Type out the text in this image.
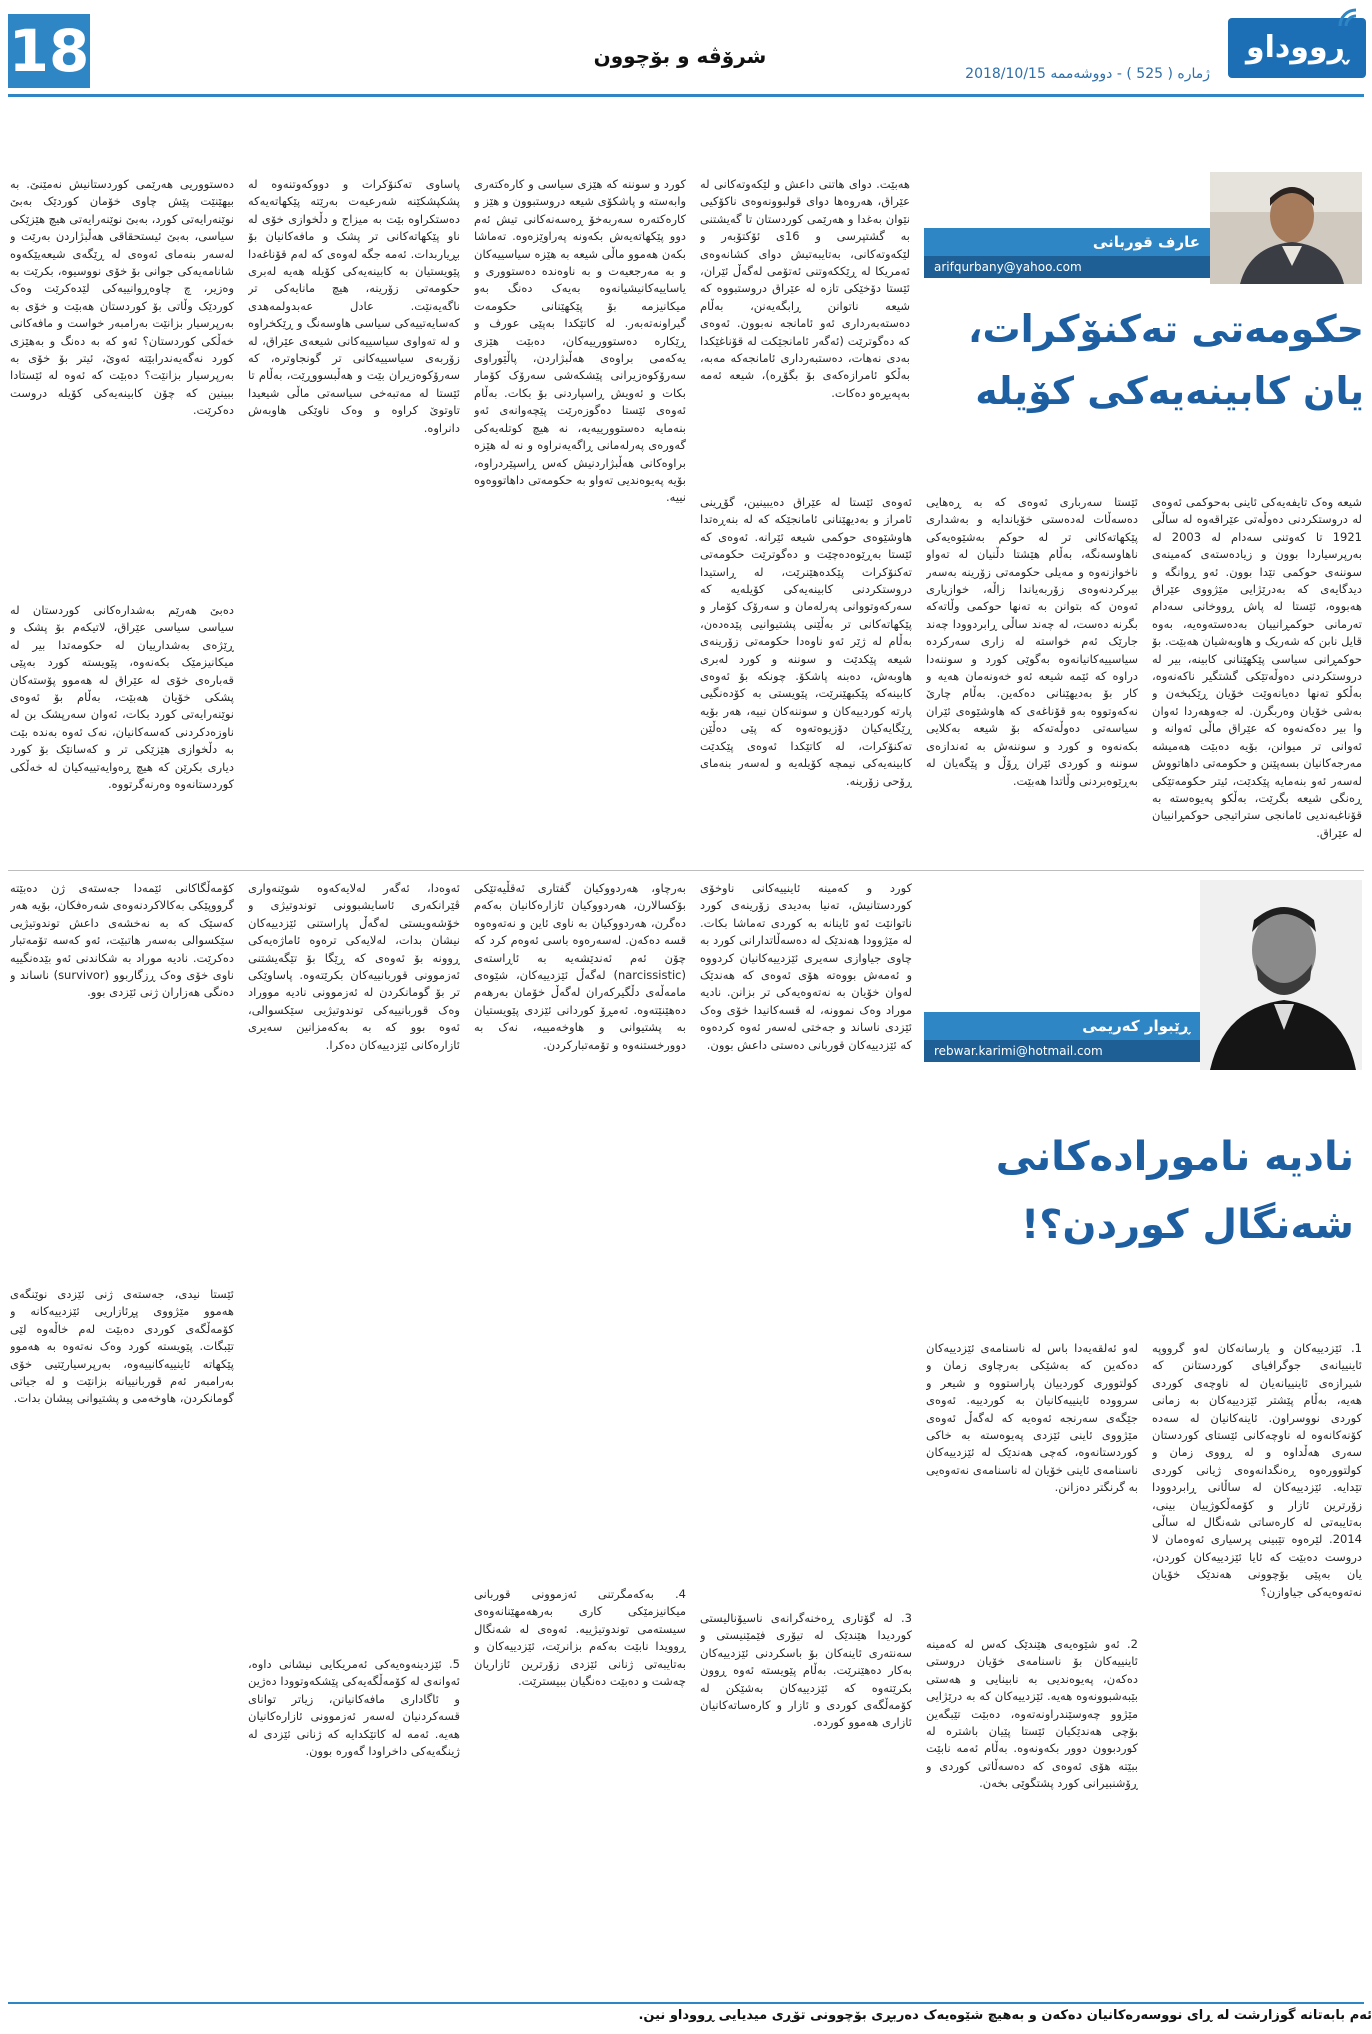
18	شرۆڤە و بۆچوون
ژمارە ( 525 ) - دووشەممە 2018/10/15
ڕووداو
عارف قوربانی
arifqurbany@yahoo.com
حکومەتی تەکنۆکرات،
یان کابینەیەکی کۆیلە
هەبێت. دوای هاتنی داعش و لێکەوتەکانی لە عێراق، هەروەها دوای قولبوونەوەی ناکۆکیی نێوان بەغدا و هەرێمی کوردستان تا گەیشتنی بە گشتپرسی و 16ی ئۆکتۆبەر و لێکەوتەکانی، بەتایبەتیش دوای کشانەوەی ئەمریکا لە ڕێککەوتنی ئەتۆمی لەگەڵ ئێران، ئێستا دۆخێکی تازە لە عێراق دروستبووە کە شیعە ناتوانن ڕابگەیەنن، بەڵام دەستەبەرداری ئەو ئامانجە نەبوون. ئەوەی کە دەگوترێت (ئەگەر ئامانجێکت لە قۆناغێکدا بەدی نەهات، دەستبەرداری ئامانجەکە مەبە، بەڵکو ئامرازەکەی بۆ بگۆڕە)، شیعە ئەمە بەپەیڕەو دەکات.
شیعە وەک تایفەیەکی ئاینی بەحوکمی ئەوەی لە دروستکردنی دەوڵەتی عێراقەوە لە ساڵی 1921 تا کەوتنی سەدام لە 2003 لە بەرپرسیاردا بوون و زیادەستەی کەمینەی سوننەی حوکمی تێدا بوون. ئەو ڕوانگە و دیدگایەی کە بەدرێژایی مێژووی عێراق هەبووە، ئێستا لە پاش ڕووخانی سەدام تەرمانی حوکمڕانییان بەدەستەوەیە، بەوە قایل نابن کە شەریک و هاوبەشیان هەبێت. بۆ حوکمڕانی سیاسی پێکهێنانی کابینە، بیر لە دروستکردنی دەوڵەتێکی گشتگیر ناکەنەوە، بەڵکو تەنها دەیانەوێت خۆیان ڕێکبخەن و بەشی خۆیان وەربگرن. لە جەوهەردا ئەوان وا بیر دەکەنەوە کە عێراق ماڵی ئەوانە و ئەوانی تر میوانن، بۆیە دەبێت هەمیشە مەرجەکانیان بسەپێنن و حکومەتی داهاتووش لەسەر ئەو بنەمایە پێکدێت، ئیتر حکومەتێکی ڕەنگی شیعە بگرێت، بەڵکو پەیوەستە بە قۆناغبەندیی ئامانجی ستراتیجی حوکمڕانییان لە عێراق.
ئێستا سەربارى ئەوەی کە بە ڕەهایی دەسەڵات لەدەستی خۆیاندایە و بەشداری پێکهاتەکانی تر لە حوکم بەشێوەیەکی ناهاوسەنگە، بەڵام هێشتا دڵنیان لە تەواو ناخوازنەوە و مەیلی حکومەتی زۆرینە بەسەر بیرکردنەوەی زۆربەیاندا زاڵە، خوازیاری ئەوەن کە بتوانن بە تەنها حوکمی وڵاتەکە بگرنە دەست، لە چەند ساڵی ڕابردوودا چەند جارێک ئەم خواستە لە زاری سەرکردە سیاسییەکانیانەوە بەگوێی کورد و سوننەدا دراوە کە ئێمە شیعە ئەو خەونەمان هەیە و کار بۆ بەدیهێنانی دەکەین. بەڵام چارێ نەکەوتووە بەو قۆناغەی کە هاوشێوەی ئێران سیاسەتی دەوڵەتەکە بۆ شیعە بەکلایی بکەنەوە و کورد و سوننەش بە ئەندازەی سوننە و کوردی ئێران ڕۆڵ و پێگەیان لە بەڕێوەبردنی وڵاتدا هەبێت.
ئەوەی ئێستا لە عێراق دەیبینین، گۆڕینی ئامراز و بەدیهێنانی ئامانجێکە کە لە بنەڕەتدا هاوشێوەی حوکمی شیعە ئێرانە. ئەوەی کە ئێستا بەڕێوەدەچێت و دەگوترێت حکومەتی تەکنۆکرات پێکدەهێنرێت، لە ڕاستیدا دروستکردنی کابینەیەکی کۆیلەیە کە سەرکەوتووانی پەرلەمان و سەرۆک کۆمار و پێکهاتەکانی تر بەڵێنی پشتیوانیی پێدەدەن، بەڵام لە ژێر ئەو ناوەدا حکومەتی زۆرینەی شیعە پێکدێت و سوننە و کورد لەبری هاوبەش، دەبنە پاشکۆ. چونکە بۆ ئەوەی کابینەکە پێکبهێنرێت، پێویستی بە کۆدەنگیی پارتە کوردییەکان و سوننەکان نییە، هەر بۆیە ڕێگایەکیان دۆزیوەتەوە کە پێی دەڵێن تەکنۆکرات، لە کاتێکدا ئەوەی پێکدێت کابینەیەکی نیمچە کۆیلەیە و لەسەر بنەمای ڕۆحی زۆرینە.
کورد و سوننە کە هێزی سیاسی و کارەکتەری وابەستە و پاشکۆی شیعە دروستبوون و هێز و کارەکتەرە سەربەخۆ ڕەسەنەکانی تیش ئەم دوو پێکهاتەیەش بکەونە پەراوێزەوە. تەماشا بکەن هەموو ماڵی شیعە بە هێزە سیاسییەکان و بە مەرجعیەت و بە ناوەندە دەستووری و یاساییەکانیشیانەوە بەیەک دەنگ بەو میکانیزمە بۆ پێکهێنانی حکومەت گیراونەتەبەر. لە کاتێکدا بەپێی عورف و ڕێکارە دەستوورییەکان، دەبێت هێزی یەکەمی براوەی هەڵبژاردن، پاڵێوراوی سەرۆکوەزیرانی پێشکەشی سەرۆک کۆمار بکات و ئەویش ڕاسپاردنی بۆ بکات. بەڵام ئەوەی ئێستا دەگوزەرێت پێچەوانەی ئەو بنەمایە دەستوورییەیە، نە هیچ کوتلەیەکی گەورەی پەرلەمانی ڕاگەیەنراوە و نە لە هێزە براوەکانی هەڵبژاردنیش کەس ڕاسپێردراوە، بۆیە پەیوەندیی تەواو بە حکومەتی داهاتووەوە نییە.
پاساوی تەکنۆکرات و دووکەوتنەوە لە پشکپشکێنە شەرعیەت بەرێته پێکهاتەیەکە دەستکراوە بێت بە میزاج و دڵخوازی خۆی لە ناو پێکهاتەکانی تر پشک و مافەکانیان بۆ بڕیاربدات. ئەمە جگە لەوەی کە لەم قۆناغەدا پێویستیان بە کابینەیەکی کۆیلە هەیە لەبری حکومەتی زۆرینە، هیچ مانایەکی تر ناگەیەنێت. عادل عەبدولمەهدی کەسایەتییەکی سیاسی هاوسەنگ و ڕێکخراوە و لە تەواوی سیاسییەکانی شیعەی عێراق، لە زۆربەی سیاسییەکانی تر گونجاوترە، کە سەرۆکوەزیران بێت و هەڵبسووڕێت، بەڵام تا ئێستا لە مەتبەخی سیاسەتی ماڵی شیعیدا تاوتوێ کراوە و وەک ناوێکی هاوبەش دانراوە.
دەستووریی هەرێمی کوردستانیش نەمێنێ. بە بیهێنێت پێش چاوی خۆمان کوردێک بەبێ نوێنەرایەتی کورد، بەبێ نوێنەرایەتی هیچ هێزێکی سیاسی، بەبێ ئیستحقاقی هەڵبژاردن بەرێت و لەسەر بنەمای ئەوەی لە ڕێگەی شیعەیێکەوە شانامەیەکی جوانی بۆ خۆی نووسیوە، بکرێت بە وەزیر، چ چاوەڕوانییەکی لێدەکرێت وەک کوردێک وڵاتی بۆ کوردستان هەبێت و خۆی بە بەرپرسیار بزانێت بەرامبەر خواست و مافەکانی خەڵکی کوردستان؟ ئەو کە بە دەنگ و بەهێزی کورد نەگەیەندرابێتە ئەوێ، ئیتر بۆ خۆی بە بەرپرسیار بزانێت؟ دەبێت کە ئەوە لە ئێستادا ببینین کە چۆن کابینەیەکی کۆیلە دروست دەکرێت.
دەبێ هەرێم بەشدارەکانی کوردستان لە سیاسی سیاسی عێراق، لاتیکەم بۆ پشک و ڕێژەی بەشدارییان لە حکومەتدا بیر لە میکانیزمێک بکەنەوە، پێویستە کورد بەپێی قەبارەی خۆی لە عێراق لە هەموو پۆستەکان پشکی خۆیان هەبێت، بەڵام بۆ ئەوەی نوێنەرایەتی کورد بکات، ئەوان سەرپشک بن لە ناوزەدکردنی کەسەکانیان، نەک ئەوە بەندە بێت بە دڵخوازی هێزێکی تر و کەسانێک بۆ کورد دیاری بکرێن کە هیچ ڕەوایەتییەکیان لە خەڵکی کوردستانەوە وەرنەگرتووە.
ڕێبوار کەریمی
rebwar.karimi@hotmail.com
نادیە نامورادەکانی
شەنگال کوردن؟!
1. ئێزدییەکان و یارسانەکان لەو گرووپە ئاینییانەی جوگرافیای کوردستانن کە شیرازەی ئاینییانەیان لە ناوچەی کوردی هەیە، بەڵام پێشتر ئێزدییەکان بە زمانی کوردی نووسراون. ئاینەکانیان لە سەدە کۆنەکانەوە لە ناوچەکانی ئێستای کوردستان سەری هەڵداوە و لە ڕووی زمان و کولتوورەوە ڕەنگدانەوەی ژیانی کوردی تێدایە. ئێزدییەکان لە ساڵانی ڕابردوودا زۆرترین ئازار و کۆمەڵکوژییان بینی، بەتایبەتی لە کارەساتی شەنگال لە ساڵی 2014. لێرەوە تێبینی پرسیاری ئەوەمان لا دروست دەبێت کە ئایا ئێزدییەکان کوردن، یان بەپێی بۆچوونی هەندێک خۆیان نەتەوەیەکی جیاوازن؟
لەو ئەلقەیەدا باس لە ناسنامەی ئێزدییەکان دەکەین کە بەشێکی بەرچاوی زمان و کولتووری کوردییان پاراستووە و شیعر و سروودە ئاینییەکانیان بە کوردییە. ئەوەی جێگەی سەرنجە ئەوەیە کە لەگەڵ ئەوەی مێژووی ئاینی ئێزدی پەیوەستە بە خاکی کوردستانەوە، کەچی هەندێک لە ئێزدییەکان ناسنامەی ئاینی خۆیان لە ناسنامەی نەتەوەیی بە گرنگتر دەزانن.
2. ئەو شێوەیەی هێندێک کەس لە کەمینە ئاینییەکان بۆ ناسنامەی خۆیان دروستی دەکەن، پەیوەندیی بە نابینایی و هەستی بێبەشبوونەوە هەیە. ئێزدییەکان کە بە درێژایی مێژوو چەوسێندراونەتەوە، دەبێت تێبگەین بۆچی هەندێکیان ئێستا پێیان باشترە لە کوردبوون دوور بکەونەوە. بەڵام ئەمە نابێت ببێتە هۆی ئەوەی کە دەسەڵاتی کوردی و ڕۆشنبیرانی کورد پشتگوێی بخەن.
کورد و کەمینە ئاینییەکانی ناوخۆی کوردستانیش، تەنیا بەدیدی زۆرینەی کورد ناتوانێت ئەو ئاینانە بە کوردی تەماشا بکات. لە مێژوودا هەندێک لە دەسەڵاتدارانی کورد بە چاوی جیاوازی سەیری ئێزدییەکانیان کردووە و ئەمەش بووەتە هۆی ئەوەی کە هەندێک لەوان خۆیان بە نەتەوەیەکی تر بزانن. نادیە موراد وەک نموونە، لە قسەکانیدا خۆی وەک ئێزدی ناساند و جەختی لەسەر ئەوە کردەوە کە ئێزدییەکان قوربانی دەستی داعش بوون.
3. لە گۆتاری ڕەخنەگرانەی ناسیۆنالیستی کوردیدا هێندێک لە تیۆری فێمێنیستی و سەنتەری ئاینەکان بۆ باسکردنی ئێزدییەکان بەکار دەهێنرێت. بەڵام پێویستە ئەوە ڕوون بکرێتەوە کە ئێزدییەکان بەشێکن لە کۆمەڵگەی کوردی و ئازار و کارەساتەکانیان ئازاری هەموو کوردە.
بەرچاو، هەردووکیان گفتاری ئەقڵیەتێکی بۆکسالارن، هەردووکیان ئازارەکانیان بەکەم دەگرن، هەردووکیان بە ناوی ئاین و نەتەوەوە قسە دەکەن. لەسەرەوە باسی ئەوەم کرد کە چۆن ئەم ئەندێشەیە بە ئاڕاستەی (narcissistic) لەگەڵ ئێزدییەکان، شێوەی مامەڵەی دڵگیرکەران لەگەڵ خۆمان بەرهەم دەهێنێتەوە. ئەمڕۆ کوردانی ئێزدی پێویستیان بە پشتیوانی و هاوخەمییە، نەک بە دوورخستنەوە و تۆمەتبارکردن.
4. بەکەمگرتنی ئەزموونی قوربانی میکانیزمێکی کاری بەرهەمهێنانەوەی سیستەمی توندوتیژییە. ئەوەی لە شەنگال ڕوویدا نابێت بەکەم بزانرێت، ئێزدییەکان و بەتایبەتی ژنانی ئێزدی زۆرترین ئازاریان چەشت و دەبێت دەنگیان ببیسترێت.
ئەوەدا، ئەگەر لەلایەکەوە شوێنەواری ڤێرانکەری ئاسایشبوونی توندوتیژی و خۆشەویستی لەگەڵ پاراستنی ئێزدییەکان نیشان بدات، لەلایەکی ترەوە ئاماژەیەکی ڕوونە بۆ ئەوەی کە ڕێگا بۆ تێگەیشتنی ئەزموونی قوربانییەکان بکرێتەوە. پاساوێکی تر بۆ گومانکردن لە ئەزموونی نادیە مووراد وەک قوربانییەکی توندوتیژیی سێکسوالی، ئەوە بوو کە بە بەکەمزانین سەیری ئازارەکانی ئێزدییەکان دەکرا.
5. ئێزدینەوەیەکی ئەمریکایی نیشانی داوە، ئەوانەی لە کۆمەڵگەیەکی پێشکەوتوودا دەژین و ئاگاداری مافەکانیانن، زیاتر توانای قسەکردنیان لەسەر ئەزموونی ئازارەکانیان هەیە. ئەمە لە کاتێکدایە کە ژنانی ئێزدی لە ژینگەیەکی داخراودا گەورە بوون.
کۆمەڵگاکانی ئێمەدا جەستەی ژن دەبێتە گرووپێکی بەکالاکردنەوەی شەرەفکان، بۆیە هەر کەسێک کە بە نەخشەی داعش توندوتیژیی سێکسوالی بەسەر هاتبێت، ئەو کەسە تۆمەتبار دەکرێت. نادیە موراد بە شکاندنی ئەو بێدەنگییە ناوی خۆی وەک ڕزگاربوو (survivor) ناساند و دەنگی هەزاران ژنی ئێزدی بوو.
ئێستا نیدی، جەستەی ژنی ئێزدی نوێنگەی هەموو مێژووی پڕئازاریی ئێزدییەکانە و کۆمەڵگەی کوردی دەبێت لەم خاڵەوە لێی تێبگات. پێویستە کورد وەک نەتەوە بە هەموو پێکهاتە ئاینییەکانییەوە، بەرپرسیارێتیی خۆی بەرامبەر ئەم قوربانییانە بزانێت و لە جیاتی گومانکردن، هاوخەمی و پشتیوانی پیشان بدات.
ئەم بابەتانە گوزارشت لە ڕای نووسەرەکانیان دەکەن و بەهیچ شێوەیەک دەربڕی بۆچوونی تۆڕی میدیایی ڕووداو نین.
